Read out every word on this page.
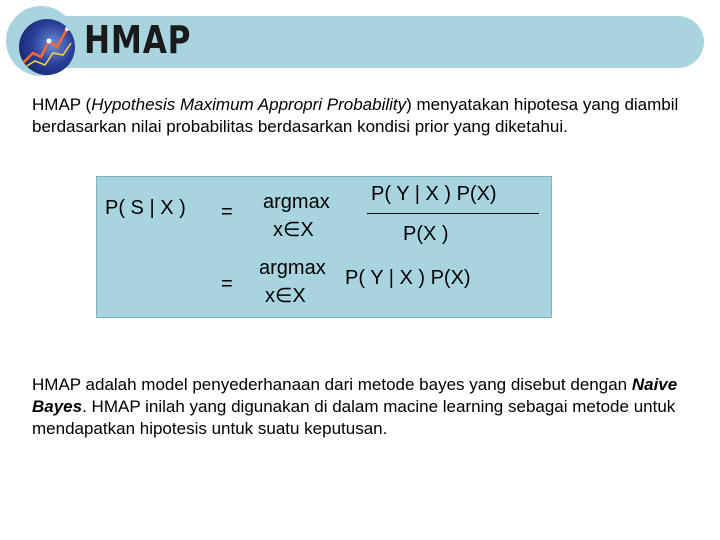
HMAP

HMAP (Hypothesis Maximum Appropri Probability) menyatakan hipotesa yang diambil berdasarkan nilai probabilitas berdasarkan kondisi prior yang diketahui.

P( S | X ) = argmax
x∈X
P( Y | X ) P(X)
P(X )
=
argmax P( Y | X ) P(X)
x∈X

HMAP adalah model penyederhanaan dari metode bayes yang disebut dengan Naive Bayes. HMAP inilah yang digunakan di dalam macine learning sebagai metode untuk mendapatkan hipotesis untuk suatu keputusan.
